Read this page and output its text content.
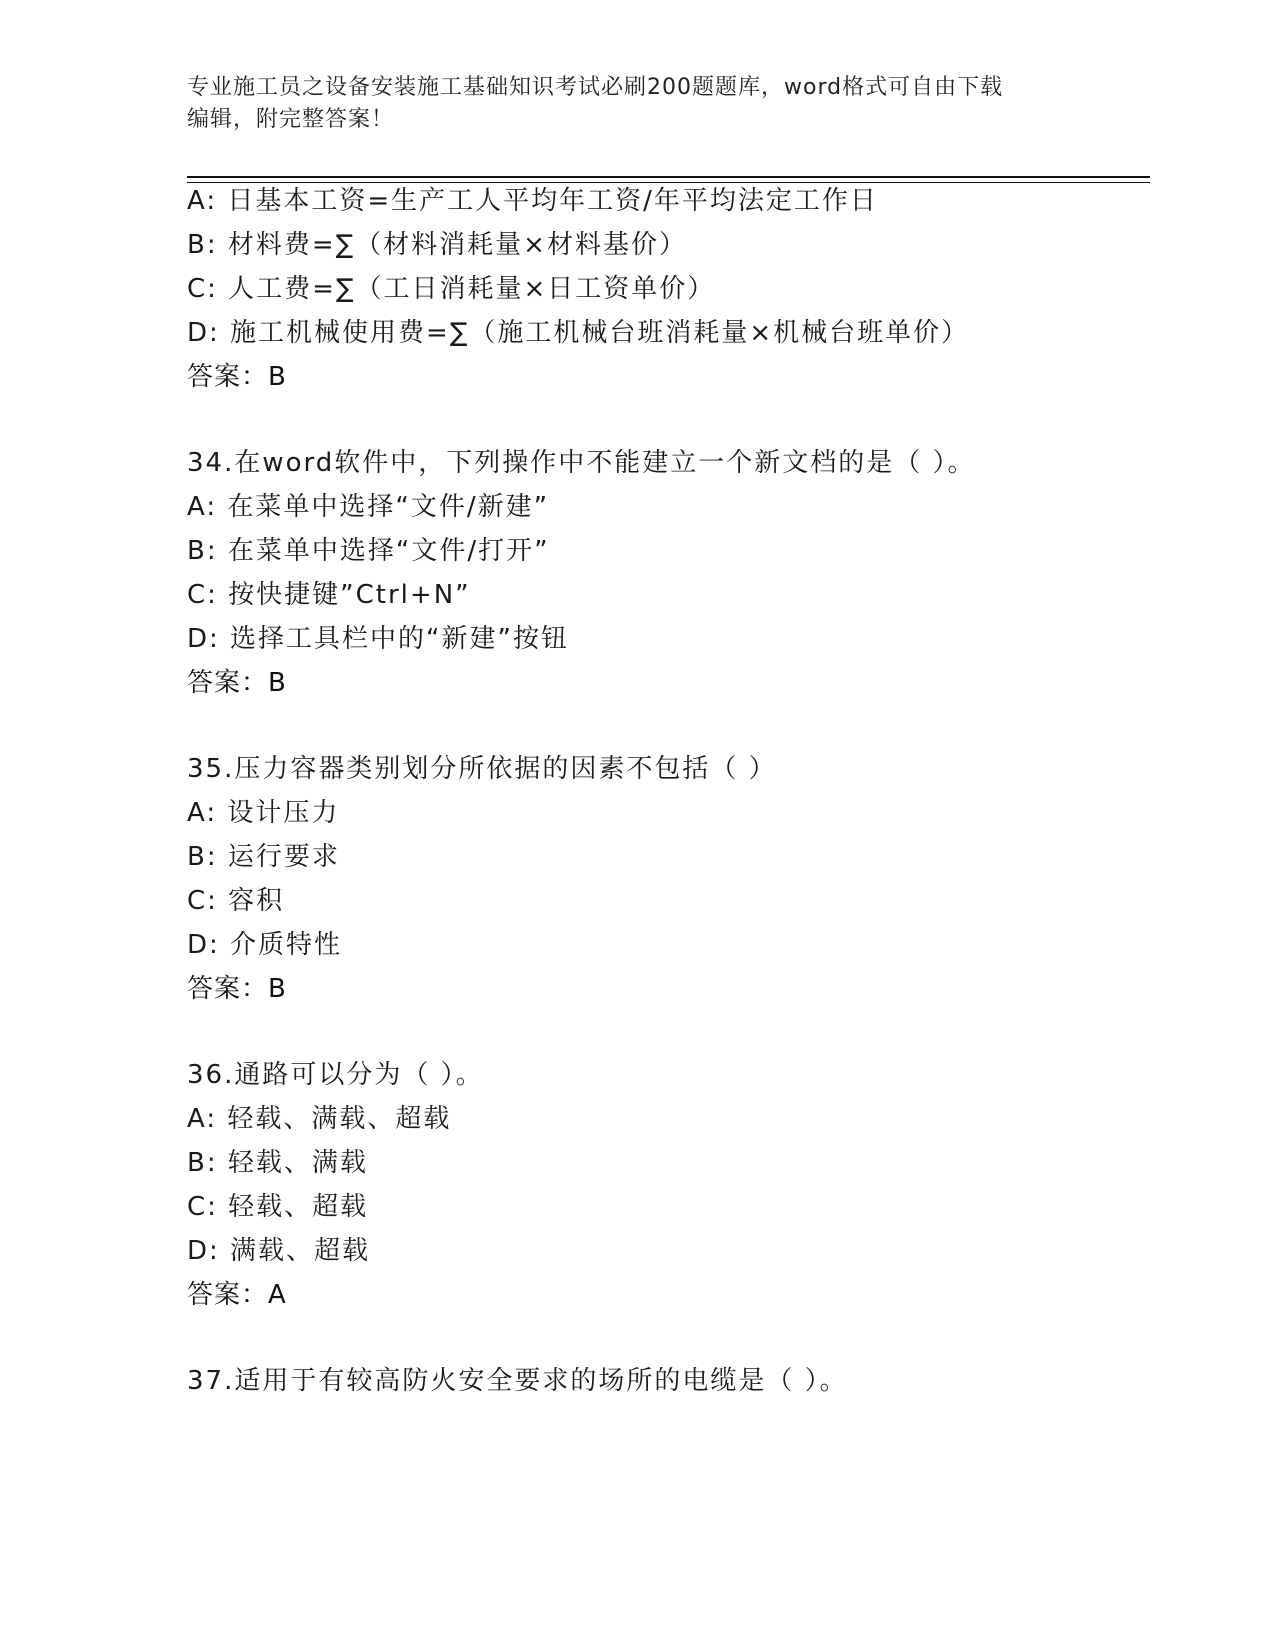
专业施工员之设备安装施工基础知识考试必刷200题题库，word格式可自由下载
编辑，附完整答案！
A: 日基本工资=生产工人平均年工资/年平均法定工作日
B: 材料费=∑（材料消耗量×材料基价）
C: 人工费=∑（工日消耗量×日工资单价）
D: 施工机械使用费=∑（施工机械台班消耗量×机械台班单价）
答案：B
34.在word软件中，下列操作中不能建立一个新文档的是（ ）。
A: 在菜单中选择“文件/新建”
B: 在菜单中选择“文件/打开”
C: 按快捷键”Ctrl+N”
D: 选择工具栏中的“新建”按钮
答案：B
35.压力容器类别划分所依据的因素不包括（ ）
A: 设计压力
B: 运行要求
C: 容积
D: 介质特性
答案：B
36.通路可以分为（ ）。
A: 轻载、满载、超载
B: 轻载、满载
C: 轻载、超载
D: 满载、超载
答案：A
37.适用于有较高防火安全要求的场所的电缆是（ ）。
